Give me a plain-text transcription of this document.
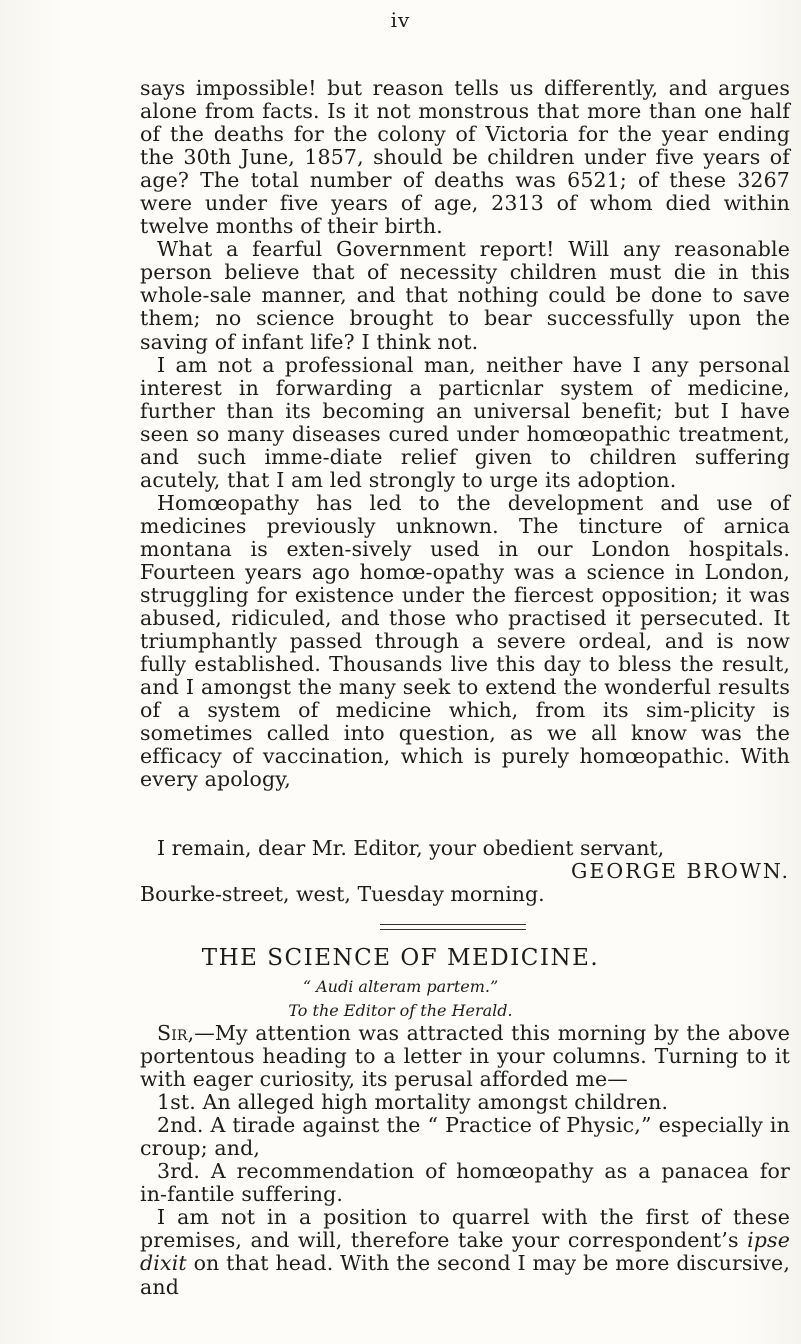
iv

says impossible! but reason tells us differently, and argues alone from facts. Is it not monstrous that more than one half of the deaths for the colony of Victoria for the year ending the 30th June, 1857, should be children under five years of age? The total number of deaths was 6521; of these 3267 were under five years of age, 2313 of whom died within twelve months of their birth.

What a fearful Government report! Will any reasonable person believe that of necessity children must die in this whole-sale manner, and that nothing could be done to save them; no science brought to bear successfully upon the saving of infant life? I think not.

I am not a professional man, neither have I any personal interest in forwarding a particnlar system of medicine, further than its becoming an universal benefit; but I have seen so many diseases cured under homœopathic treatment, and such imme-diate relief given to children suffering acutely, that I am led strongly to urge its adoption.

Homœopathy has led to the development and use of medicines previously unknown. The tincture of arnica montana is exten-sively used in our London hospitals. Fourteen years ago homœ-opathy was a science in London, struggling for existence under the fiercest opposition; it was abused, ridiculed, and those who practised it persecuted. It triumphantly passed through a severe ordeal, and is now fully established. Thousands live this day to bless the result, and I amongst the many seek to extend the wonderful results of a system of medicine which, from its sim-plicity is sometimes called into question, as we all know was the efficacy of vaccination, which is purely homœopathic. With every apology,

I remain, dear Mr. Editor, your obedient servant,
GEORGE BROWN.
Bourke-street, west, Tuesday morning.
THE SCIENCE OF MEDICINE.
“ Audi alteram partem.”
To the Editor of the Herald.

Sir,—My attention was attracted this morning by the above portentous heading to a letter in your columns. Turning to it with eager curiosity, its perusal afforded me—

1st. An alleged high mortality amongst children.

2nd. A tirade against the “ Practice of Physic,” especially in croup; and,

3rd. A recommendation of homœopathy as a panacea for in-fantile suffering.

I am not in a position to quarrel with the first of these premises, and will, therefore take your correspondent’s ipse dixit on that head. With the second I may be more discursive, and
